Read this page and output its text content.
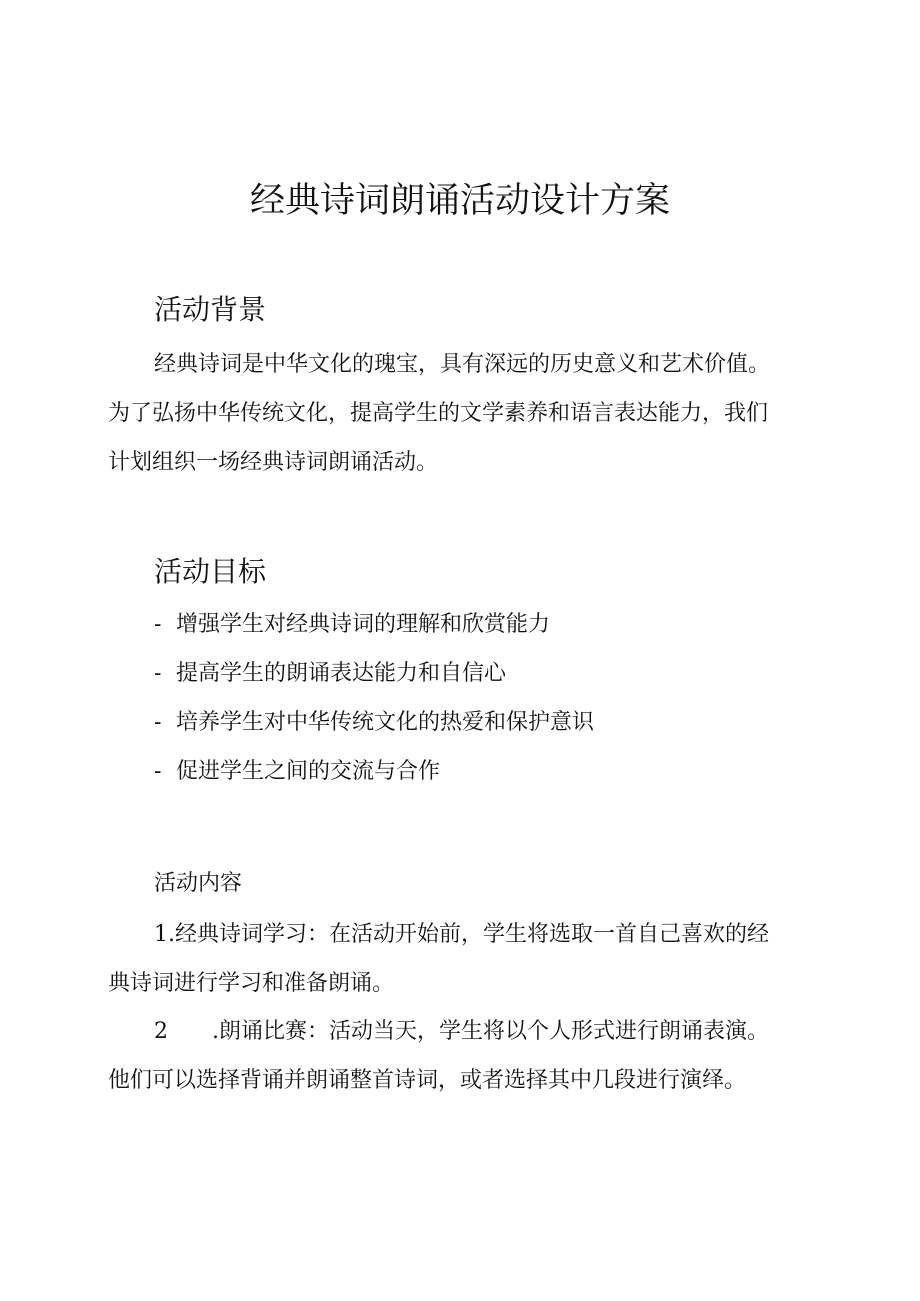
经典诗词朗诵活动设计方案
活动背景

经典诗词是中华文化的瑰宝，具有深远的历史意义和艺术价值。
为了弘扬中华传统文化，提高学生的文学素养和语言表达能力，我们
计划组织一场经典诗词朗诵活动。

活动目标
- 增强学生对经典诗词的理解和欣赏能力
- 提高学生的朗诵表达能力和自信心
- 培养学生对中华传统文化的热爱和保护意识
- 促进学生之间的交流与合作
活动内容

1.经典诗词学习：在活动开始前，学生将选取一首自己喜欢的经
典诗词进行学习和准备朗诵。

2 .朗诵比赛：活动当天，学生将以个人形式进行朗诵表演。
他们可以选择背诵并朗诵整首诗词，或者选择其中几段进行演绎。
